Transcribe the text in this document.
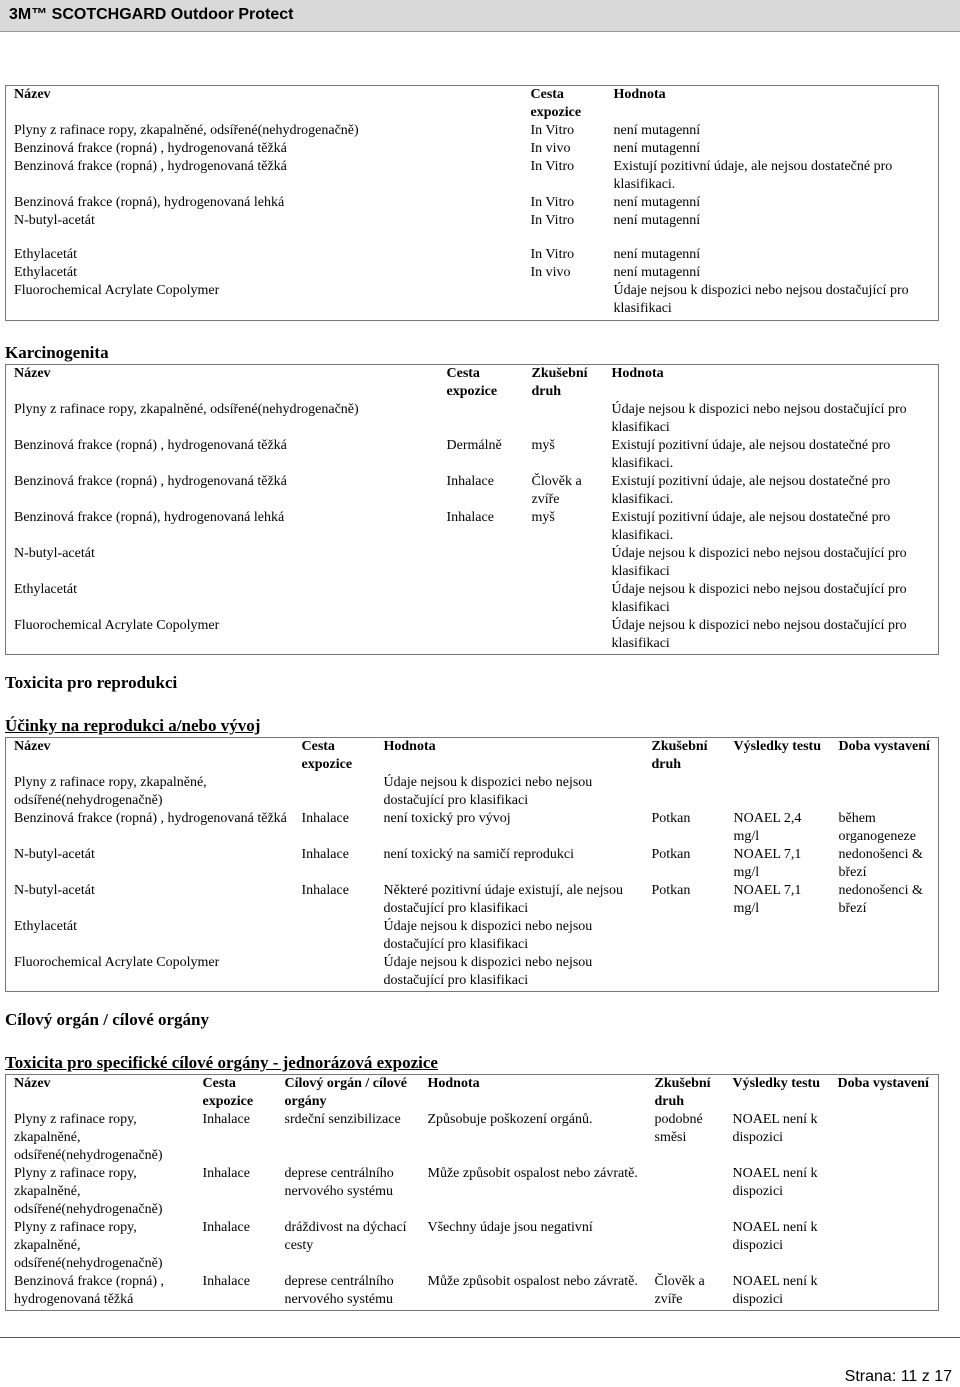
3M™ SCOTCHGARD Outdoor Protect
Název	Cesta expozice	Hodnota
Plyny z rafinace ropy, zkapalněné, odsířené(nehydrogenačně)	In Vitro	není mutagenní
Benzinová frakce (ropná) , hydrogenovaná těžká	In vivo	není mutagenní
Benzinová frakce (ropná) , hydrogenovaná těžká	In Vitro	Existují pozitivní údaje, ale nejsou dostatečné pro klasifikaci.
Benzinová frakce (ropná), hydrogenovaná lehká	In Vitro	není mutagenní
N-butyl-acetát	In Vitro	není mutagenní

Ethylacetát	In Vitro	není mutagenní
Ethylacetát	In vivo	není mutagenní
Fluorochemical Acrylate Copolymer		Údaje nejsou k dispozici nebo nejsou dostačující pro klasifikaci
Karcinogenita
Název	Cesta expozice	Zkušební druh	Hodnota
Plyny z rafinace ropy, zkapalněné, odsířené(nehydrogenačně)			Údaje nejsou k dispozici nebo nejsou dostačující pro klasifikaci
Benzinová frakce (ropná) , hydrogenovaná těžká	Dermálně	myš	Existují pozitivní údaje, ale nejsou dostatečné pro klasifikaci.
Benzinová frakce (ropná) , hydrogenovaná těžká	Inhalace	Člověk a zvíře	Existují pozitivní údaje, ale nejsou dostatečné pro klasifikaci.
Benzinová frakce (ropná), hydrogenovaná lehká	Inhalace	myš	Existují pozitivní údaje, ale nejsou dostatečné pro klasifikaci.
N-butyl-acetát			Údaje nejsou k dispozici nebo nejsou dostačující pro klasifikaci
Ethylacetát			Údaje nejsou k dispozici nebo nejsou dostačující pro klasifikaci
Fluorochemical Acrylate Copolymer			Údaje nejsou k dispozici nebo nejsou dostačující pro klasifikaci
Toxicita pro reprodukci
Účinky na reprodukci a/nebo vývoj
Název	Cesta expozice	Hodnota	Zkušební druh	Výsledky testu	Doba vystavení
Plyny z rafinace ropy, zkapalněné, odsířené(nehydrogenačně)		Údaje nejsou k dispozici nebo nejsou dostačující pro klasifikaci			
Benzinová frakce (ropná) , hydrogenovaná těžká	Inhalace	není toxický pro vývoj	Potkan	NOAEL 2,4 mg/l	během organogeneze
N-butyl-acetát	Inhalace	není toxický na samičí reprodukci	Potkan	NOAEL 7,1 mg/l	nedonošenci & březí
N-butyl-acetát	Inhalace	Některé pozitivní údaje existují, ale nejsou dostačující pro klasifikaci	Potkan	NOAEL 7,1 mg/l	nedonošenci & březí
Ethylacetát		Údaje nejsou k dispozici nebo nejsou dostačující pro klasifikaci			
Fluorochemical Acrylate Copolymer		Údaje nejsou k dispozici nebo nejsou dostačující pro klasifikaci			
Cílový orgán / cílové orgány
Toxicita pro specifické cílové orgány - jednorázová expozice
Název	Cesta expozice	Cílový orgán / cílové orgány	Hodnota	Zkušební druh	Výsledky testu	Doba vystavení
Plyny z rafinace ropy, zkapalněné, odsířené(nehydrogenačně)	Inhalace	srdeční senzibilizace	Způsobuje poškození orgánů.	podobné směsi	NOAEL není k dispozici	
Plyny z rafinace ropy, zkapalněné, odsířené(nehydrogenačně)	Inhalace	deprese centrálního nervového systému	Může způsobit ospalost nebo závratě.		NOAEL není k dispozici	
Plyny z rafinace ropy, zkapalněné, odsířené(nehydrogenačně)	Inhalace	dráždivost na dýchací cesty	Všechny údaje jsou negativní		NOAEL není k dispozici	
Benzinová frakce (ropná) , hydrogenovaná těžká	Inhalace	deprese centrálního nervového systému	Může způsobit ospalost nebo závratě.	Člověk a zvíře	NOAEL není k dispozici	
Strana: 11 z 17
